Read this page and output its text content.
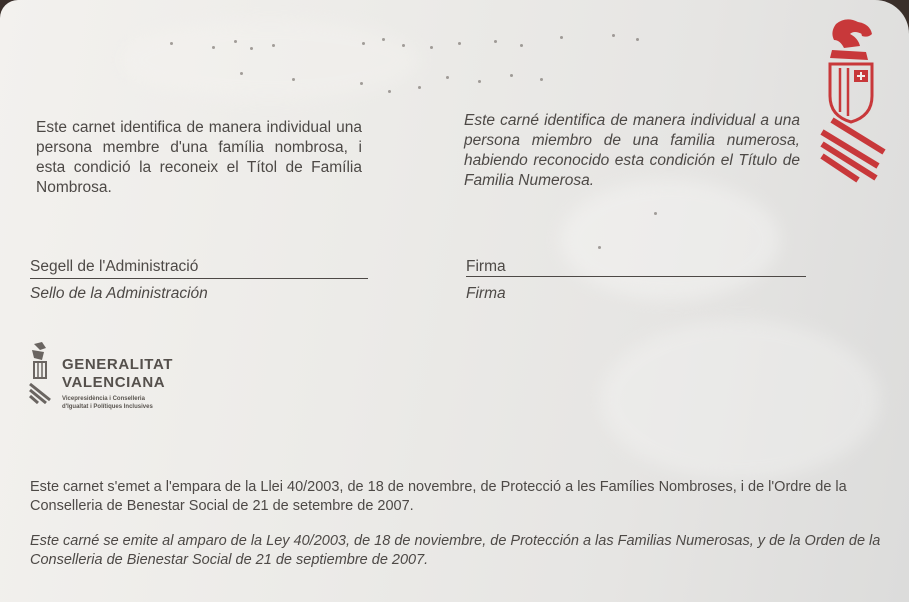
Este carnet identifica de manera individual una persona membre d'una família nombrosa, i esta condició la reconeix el Títol de Família Nombrosa.
Este carné identifica de manera individual a una persona miembro de una familia numerosa, habiendo reconocido esta condición el Título de Familia Numerosa.
Segell de l'Administració
Sello de la Administración
Firma
Firma
GENERALITAT
VALENCIANA
Vicepresidència i Conselleria
d'Igualtat i Polítiques Inclusives
Este carnet s'emet a l'empara de la Llei 40/2003, de 18 de novembre, de Protecció a les Famílies Nombroses, i de l'Ordre de la Conselleria de Benestar Social de 21 de setembre de 2007.
Este carné se emite al amparo de la Ley 40/2003, de 18 de noviembre, de Protección a las Familias Numerosas, y de la Orden de la Conselleria de Bienestar Social de 21 de septiembre de 2007.
